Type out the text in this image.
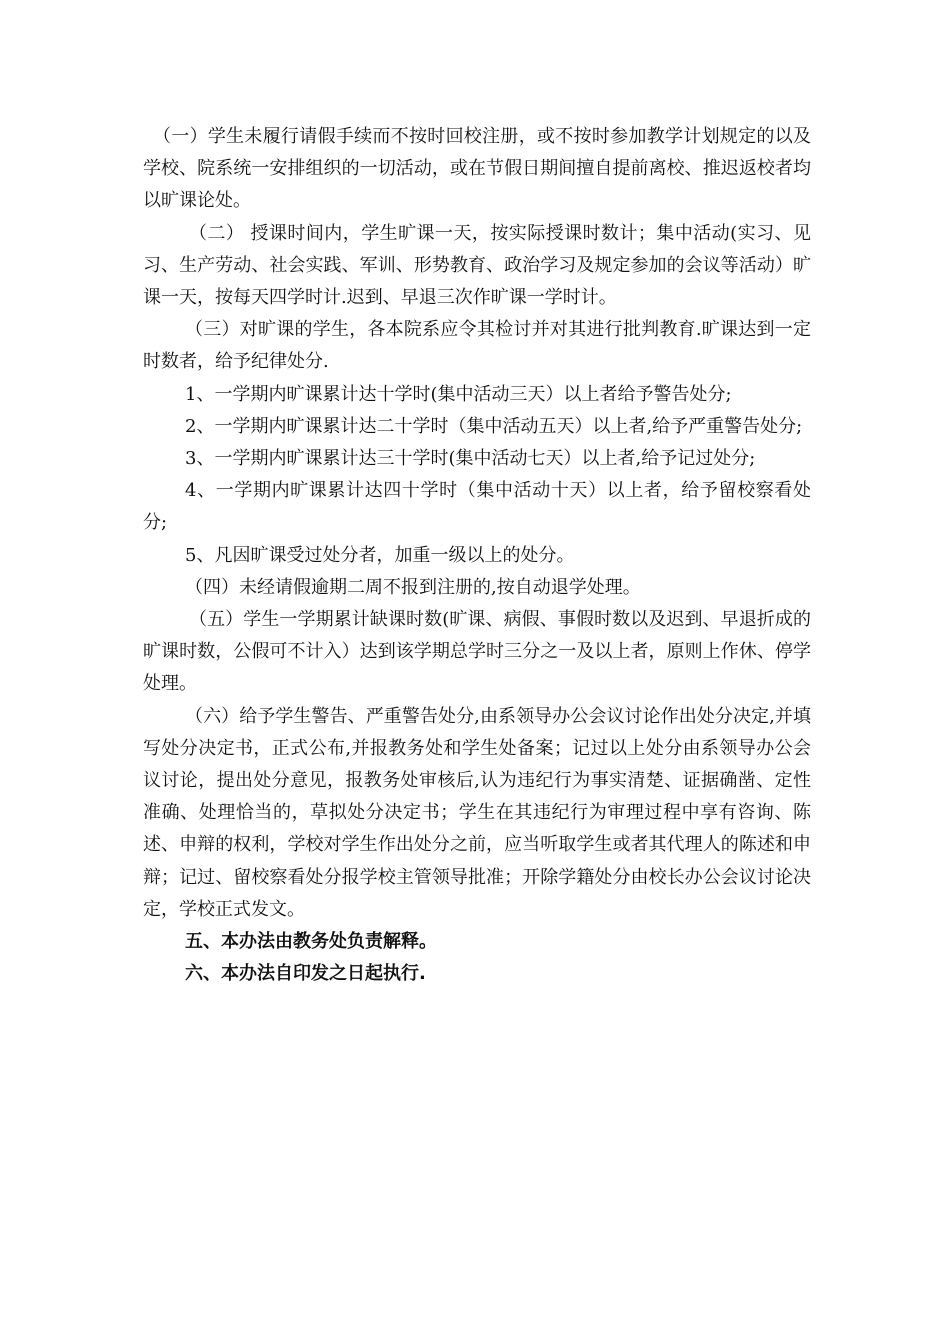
（一）学生未履行请假手续而不按时回校注册，或不按时参加教学计划规定的以及学校、院系统一安排组织的一切活动，或在节假日期间擅自提前离校、推迟返校者均以旷课论处。

（二） 授课时间内，学生旷课一天，按实际授课时数计；集中活动(实习、见习、生产劳动、社会实践、军训、形势教育、政治学习及规定参加的会议等活动）旷课一天，按每天四学时计.迟到、早退三次作旷课一学时计。

（三）对旷课的学生，各本院系应令其检讨并对其进行批判教育.旷课达到一定时数者，给予纪律处分.

1、一学期内旷课累计达十学时(集中活动三天）以上者给予警告处分;

2、一学期内旷课累计达二十学时（集中活动五天）以上者,给予严重警告处分;

3、一学期内旷课累计达三十学时(集中活动七天）以上者,给予记过处分;

4、一学期内旷课累计达四十学时（集中活动十天）以上者，给予留校察看处分;

5、凡因旷课受过处分者，加重一级以上的处分。

（四）未经请假逾期二周不报到注册的,按自动退学处理。

（五）学生一学期累计缺课时数(旷课、病假、事假时数以及迟到、早退折成的旷课时数，公假可不计入）达到该学期总学时三分之一及以上者，原则上作休、停学处理。

（六）给予学生警告、严重警告处分,由系领导办公会议讨论作出处分决定,并填写处分决定书，正式公布,并报教务处和学生处备案；记过以上处分由系领导办公会议讨论，提出处分意见，报教务处审核后,认为违纪行为事实清楚、证据确凿、定性准确、处理恰当的，草拟处分决定书；学生在其违纪行为审理过程中享有咨询、陈述、申辩的权利，学校对学生作出处分之前，应当听取学生或者其代理人的陈述和申辩；记过、留校察看处分报学校主管领导批准；开除学籍处分由校长办公会议讨论决定，学校正式发文。

五、本办法由教务处负责解释。

六、本办法自印发之日起执行.
